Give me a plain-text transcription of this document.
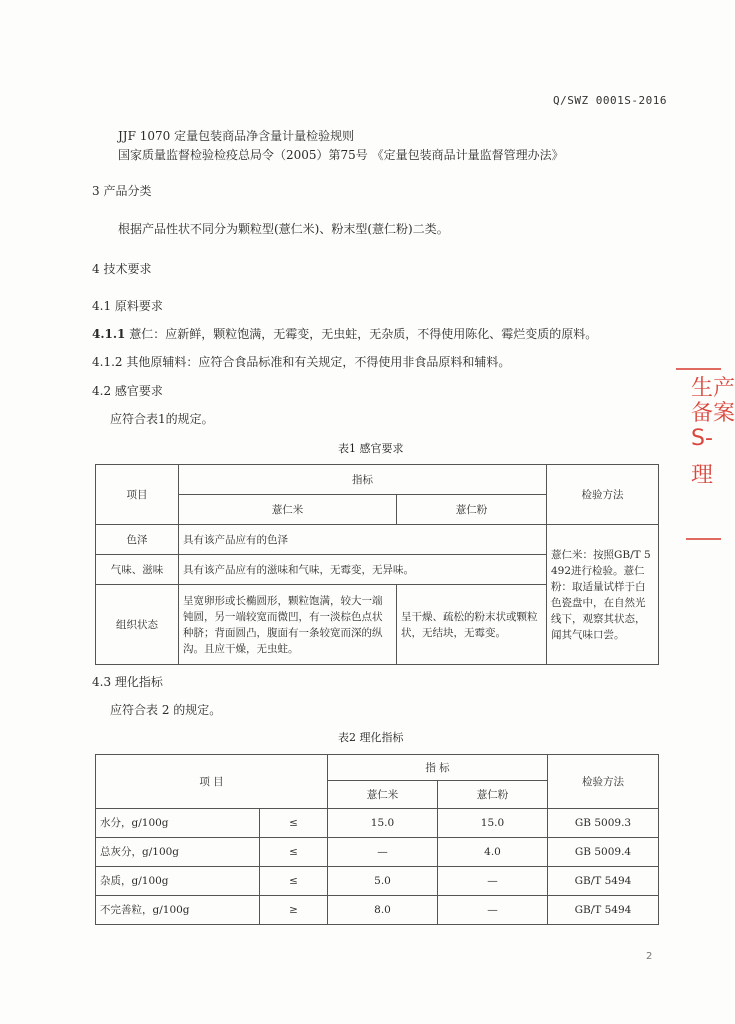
Q/SWZ 0001S-2016
JJF 1070 定量包装商品净含量计量检验规则
国家质量监督检验检疫总局令（2005）第75号 《定量包装商品计量监督管理办法》
3 产品分类
根据产品性状不同分为颗粒型(薏仁米)、粉末型(薏仁粉)二类。
4 技术要求
4.1 原料要求
4.1.1 薏仁：应新鲜，颗粒饱满，无霉变，无虫蛀，无杂质，不得使用陈化、霉烂变质的原料。
4.1.2 其他原辅料：应符合食品标准和有关规定，不得使用非食品原料和辅料。
4.2 感官要求
应符合表1的规定。
表1 感官要求
项目	指标		检验方法
	薏仁米	薏仁粉	
色泽	具有该产品应有的色泽		薏仁米：按照GB/T 5492进行检验。薏仁粉：取适量试样于白色瓷盘中，在自然光线下，观察其状态，闻其气味口尝。
气味、滋味	具有该产品应有的滋味和气味，无霉变，无异味。		
组织状态	呈宽卵形或长椭圆形，颗粒饱满，较大一端钝圆，另一端较宽而微凹，有一淡棕色点状种脐；背面圆凸，腹面有一条较宽而深的纵沟。且应干燥，无虫蛀。	呈干燥、疏松的粉末状或颗粒状，无结块，无霉变。	
4.3 理化指标
应符合表 2 的规定。
表2 理化指标
项 目		指 标		检验方法
		薏仁米	薏仁粉	
水分，g/100g	≤	15.0	15.0	GB 5009.3
总灰分，g/100g	≤	—	4.0	GB 5009.4
杂质，g/100g	≤	5.0	—	GB/T 5494
不完善粒，g/100g	≥	8.0	—	GB/T 5494
生产
备案
S-
理
2
